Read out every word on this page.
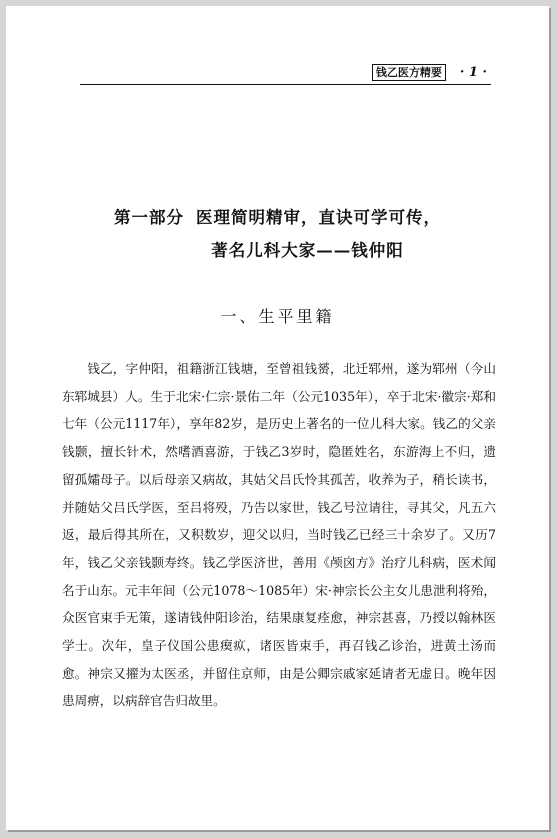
钱乙医方精要	· 1 ·
第一部分 医理简明精审，直诀可学可传，
著名儿科大家——钱仲阳
一、生平里籍

钱乙，字仲阳，祖籍浙江钱塘，至曾祖钱赟，北迁郓州，遂为郓州（今山东郓城县）人。生于北宋·仁宗·景佑二年（公元1035年），卒于北宋·徽宗·郑和七年（公元1117年），享年82岁，是历史上著名的一位儿科大家。钱乙的父亲钱颢，擅长针术，然嗜酒喜游，于钱乙3岁时，隐匿姓名，东游海上不归，遗留孤孀母子。以后母亲又病故，其姑父吕氏怜其孤苦，收养为子，稍长读书，并随姑父吕氏学医，至吕将殁，乃告以家世，钱乙号泣请往，寻其父，凡五六返，最后得其所在，又积数岁，迎父以归，当时钱乙已经三十余岁了。又历7年，钱乙父亲钱颢寿终。钱乙学医济世，善用《颅囟方》治疗儿科病，医术闻名于山东。元丰年间（公元1078～1085年）宋·神宗长公主女儿患泄利将殆，众医官束手无策，遂请钱仲阳诊治，结果康复痊愈，神宗甚喜，乃授以翰林医学士。次年，皇子仪国公患瘈疭，诸医皆束手，再召钱乙诊治，进黄土汤而愈。神宗又擢为太医丞，并留住京师，由是公卿宗戚家延请者无虚日。晚年因患周痹，以病辞官告归故里。
